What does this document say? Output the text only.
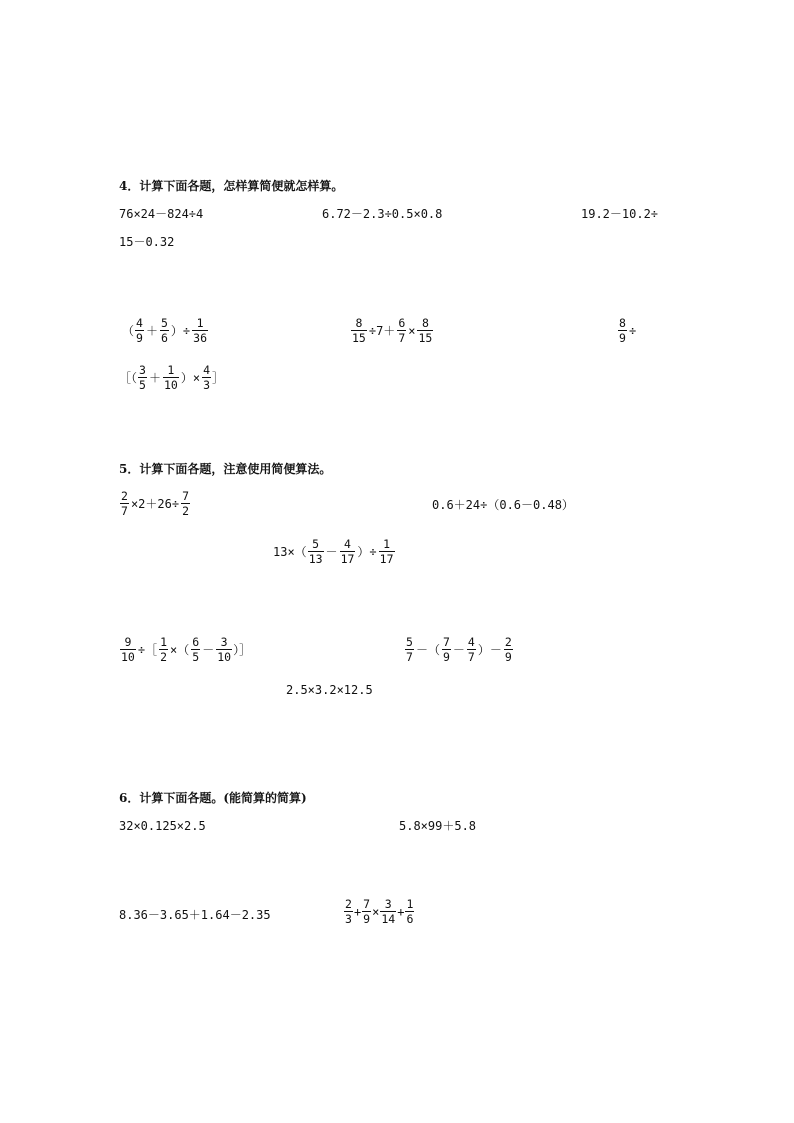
4．计算下面各题，怎样算简便就怎样算。
76×24－824÷4	6.72－2.3÷0.5×0.8	19.2－10.2÷
15－0.32
（ $\frac{4}{9} + \frac{5}{6}$ ）÷ $\frac{1}{36}$	$\frac{8}{15} \div 7+ \frac{6}{7} \times \frac{8}{15}$	$\frac{8}{9}$ ÷
［（ $\frac{3}{5} + \frac{1}{10}$ ）× $\frac{4}{3}$ ］
5．计算下面各题，注意使用简便算法。
$\frac{2}{7} \times 2+26\div \frac{7}{2}$	0.6＋24÷（0.6－0.48）
$13\times( \frac{5}{13} - \frac{4}{17}$ ）÷ $\frac{1}{17}$
$\frac{9}{10}$ ÷［ $\frac{1}{2}$ ×（ $\frac{6}{5} - \frac{3}{10}$ ）］	$\frac{5}{7}$ －（ $\frac{7}{9} - \frac{4}{7}$ ）－ $\frac{2}{9}$
2.5×3.2×12.5
6．计算下面各题。(能简算的简算)
32×0.125×2.5	5.8×99＋5.8
8.36－3.65＋1.64－2.35	$\frac{2}{3} + \frac{7}{9} \times \frac{3}{14} + \frac{1}{6}$
